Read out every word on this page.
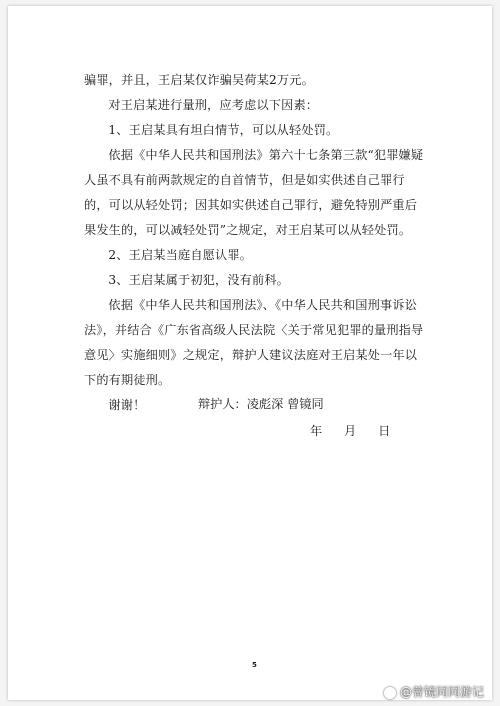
骗罪，并且，王启某仅诈骗吴荷某2万元。

对王启某进行量刑，应考虑以下因素：

1、王启某具有坦白情节，可以从轻处罚。

依据《中华人民共和国刑法》第六十七条第三款“犯罪嫌疑人虽不具有前两款规定的自首情节，但是如实供述自己罪行的，可以从轻处罚；因其如实供述自己罪行，避免特别严重后果发生的，可以减轻处罚”之规定，对王启某可以从轻处罚。

2、王启某当庭自愿认罪。

3、王启某属于初犯，没有前科。

依据《中华人民共和国刑法》、《中华人民共和国刑事诉讼法》，并结合《广东省高级人民法院〈关于常见犯罪的量刑指导意见〉实施细则》之规定，辩护人建议法庭对王启某处一年以下的有期徒刑。

谢谢！	辩护人：凌彪深 曾镜同
年 月 日
5
@曾镜同同游记
